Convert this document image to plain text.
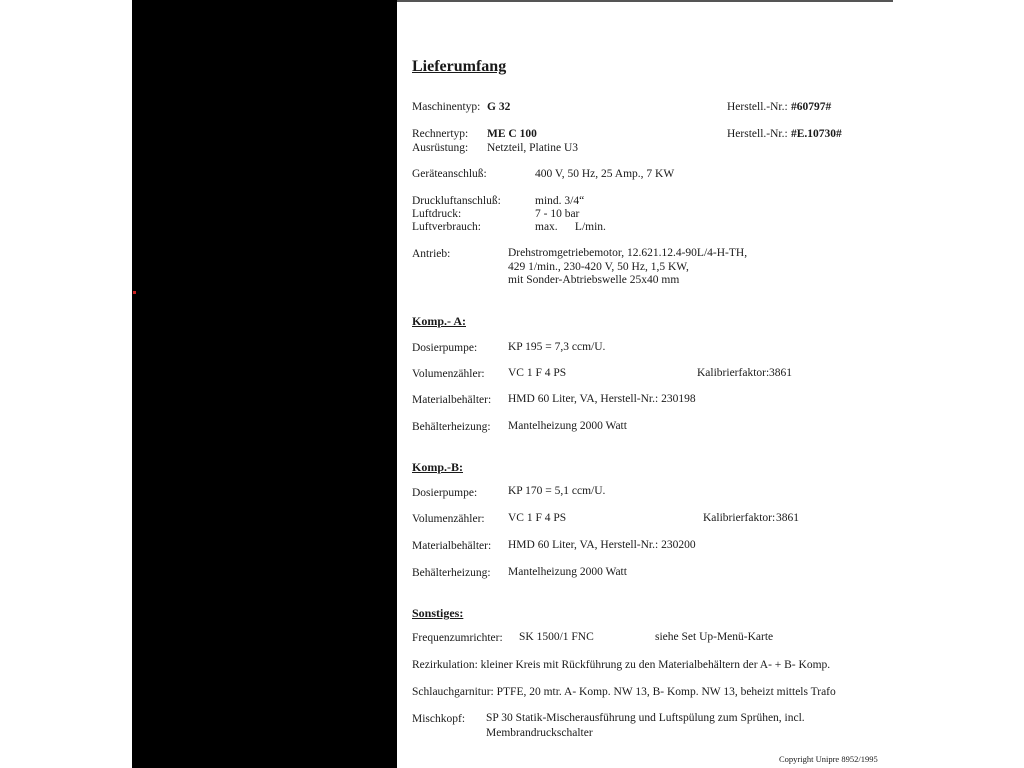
Lieferumfang
Maschinentyp: G 32	Herstell.-Nr.: #60797#
Rechnertyp: ME C 100	Herstell.-Nr.: #E.10730#
Ausrüstung: Netzteil, Platine U3
Geräteanschluß:	400 V, 50 Hz, 25 Amp., 7 KW
Druckluftanschluß:	mind. 3/4“
Luftdruck:	7 - 10 bar
Luftverbrauch:	max.      L/min.
Antrieb:	Drehstromgetriebemotor, 12.621.12.4-90L/4-H-TH,
429 1/min., 230-420 V, 50 Hz, 1,5 KW,
mit Sonder-Abtriebswelle 25x40 mm
Komp.- A:
Dosierpumpe:	KP 195 = 7,3 ccm/U.
Volumenzähler: VC 1 F 4 PS	Kalibrierfaktor: 3861
Materialbehälter: HMD 60 Liter, VA, Herstell-Nr.: 230198
Behälterheizung: Mantelheizung 2000 Watt
Komp.-B:
Dosierpumpe:	KP 170 = 5,1 ccm/U.
Volumenzähler: VC 1 F 4 PS	Kalibrierfaktor: 3861
Materialbehälter: HMD 60 Liter, VA, Herstell-Nr.: 230200
Behälterheizung: Mantelheizung 2000 Watt
Sonstiges:
Frequenzumrichter: SK 1500/1 FNC	siehe Set Up-Menü-Karte
Rezirkulation: kleiner Kreis mit Rückführung zu den Materialbehältern der A- + B- Komp.
Schlauchgarnitur: PTFE, 20 mtr. A- Komp. NW 13, B- Komp. NW 13, beheizt mittels Trafo
Mischkopf: SP 30 Statik-Mischerausführung und Luftspülung zum Sprühen, incl.
Membrandruckschalter
Copyright Unipre 8952/1995
